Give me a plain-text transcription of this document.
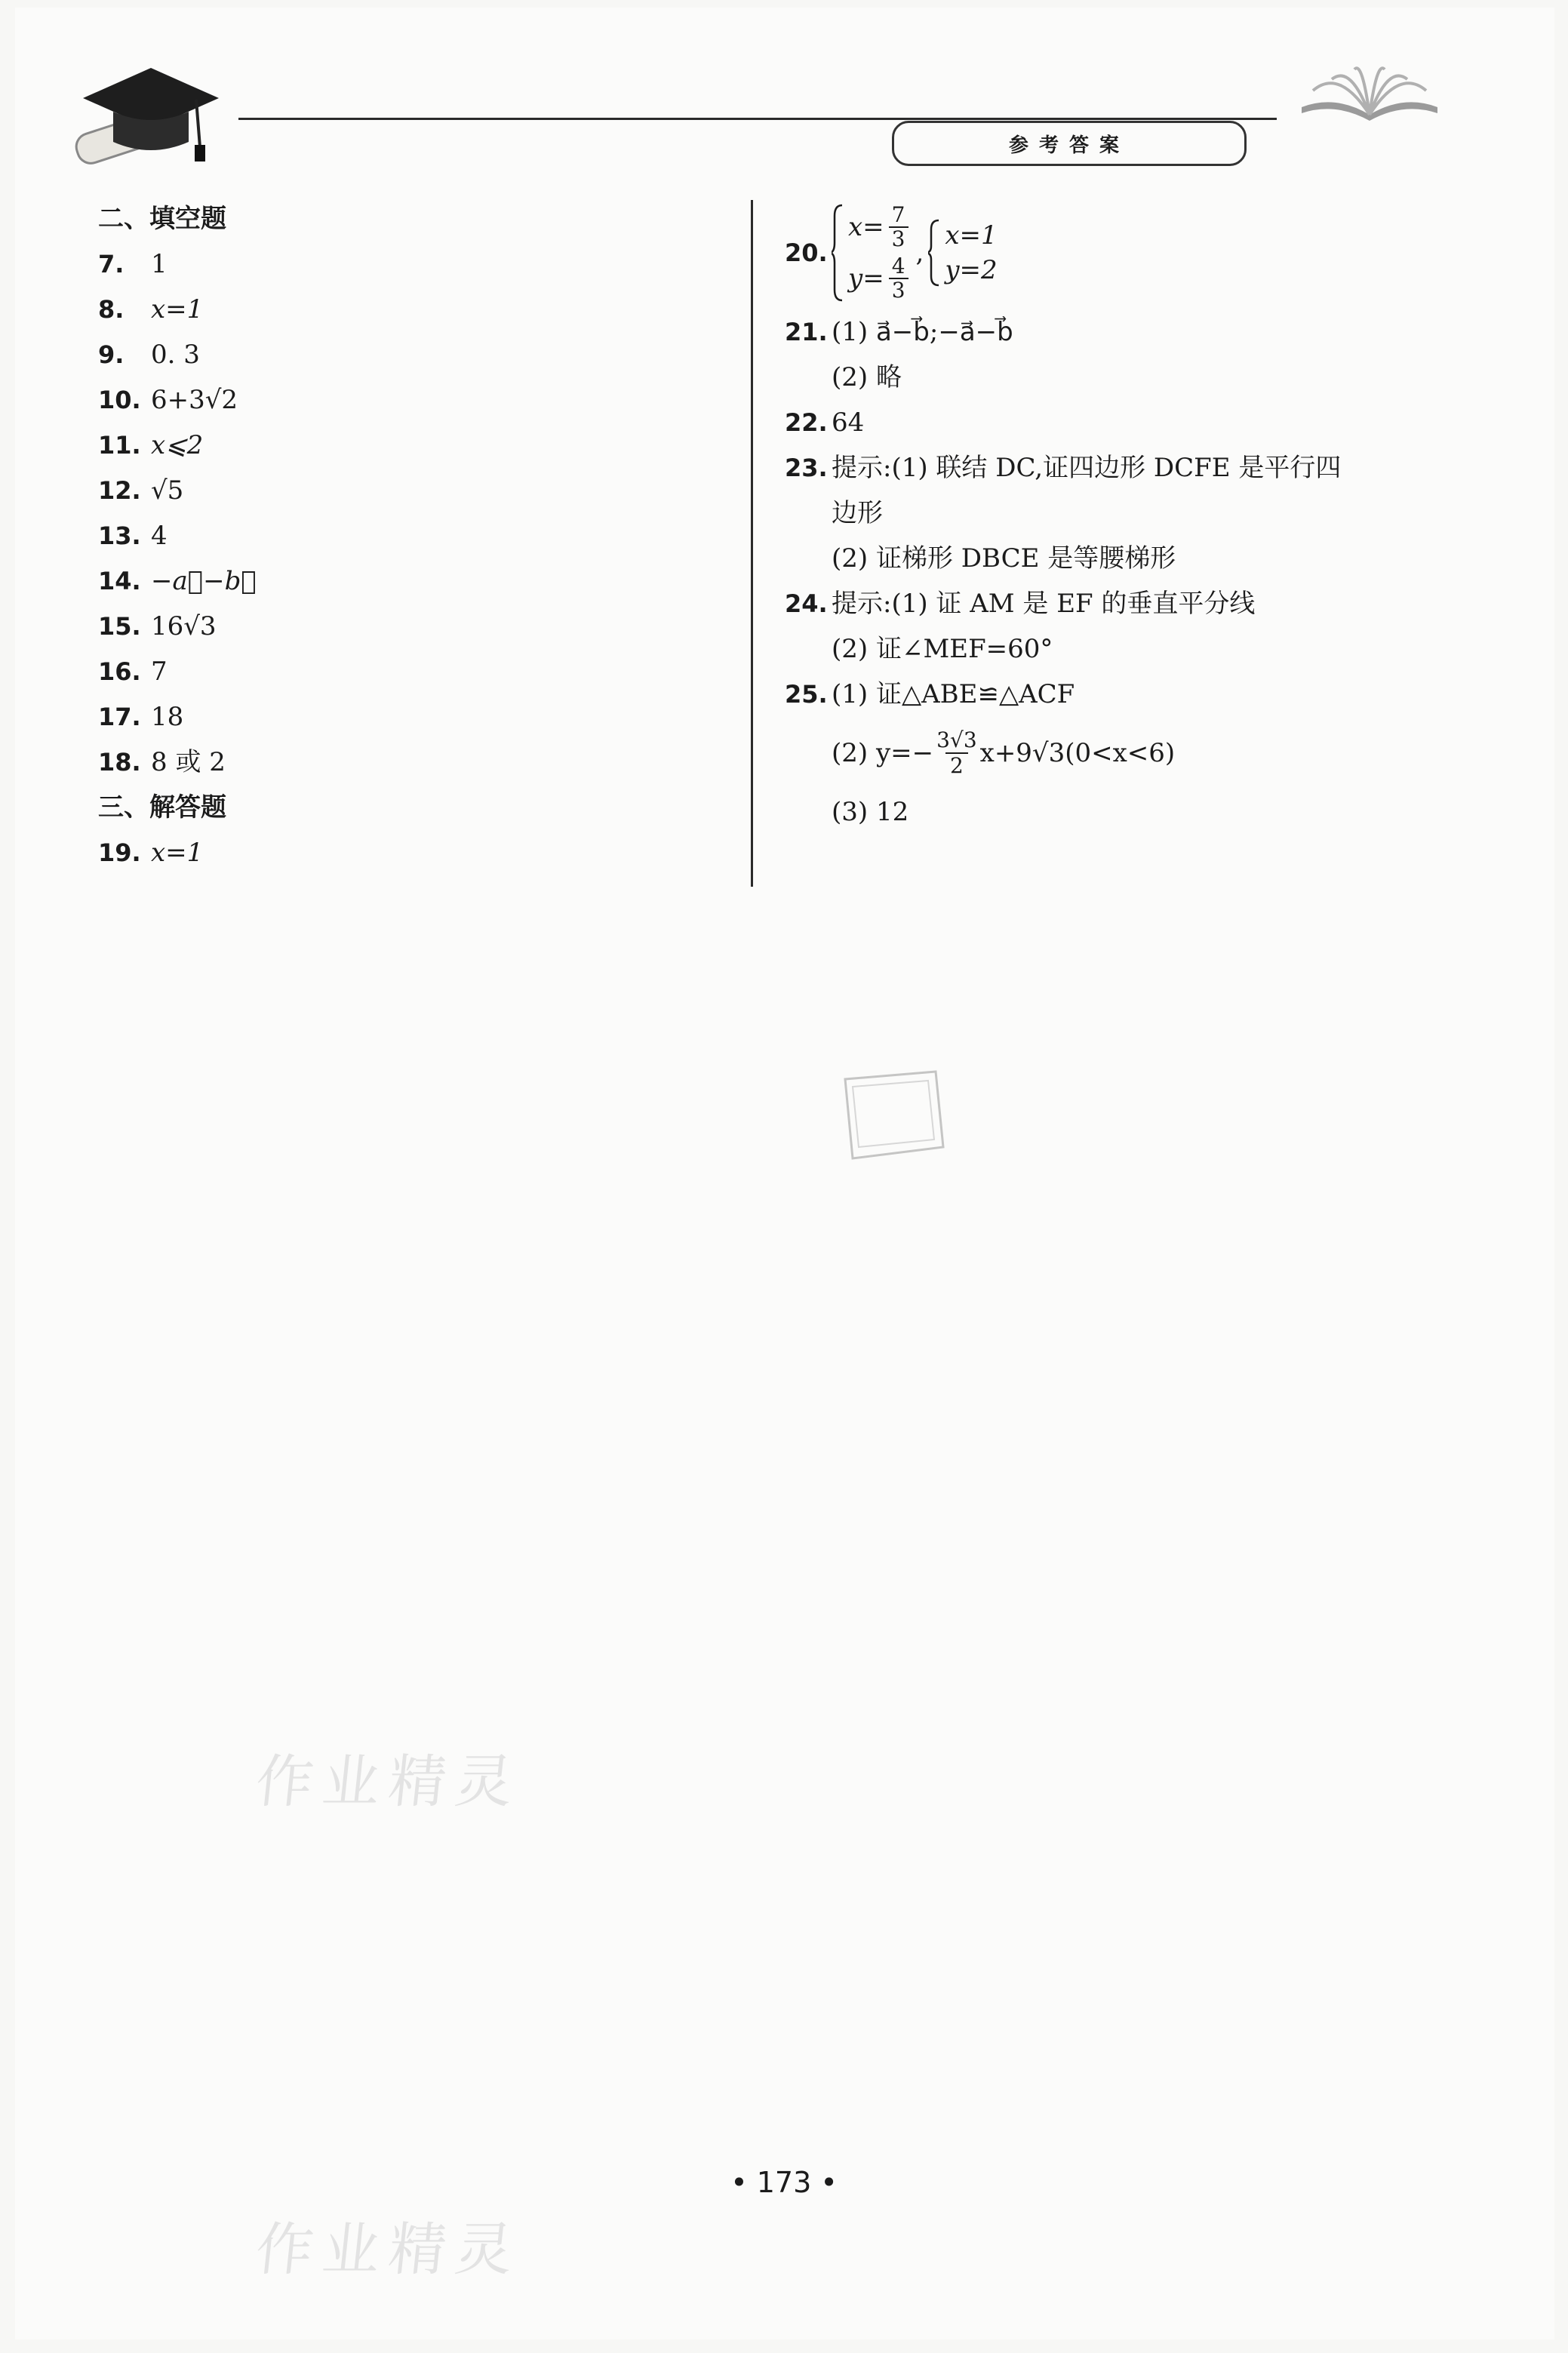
参考答案
二、填空题
7.	1
8.	x=1
9.	0. 3
10. 6+3√2
11. x⩽2
12. √5
13. 4
14. −a⃗−b⃗
15. 16√3
16. 7
17. 18
18. 8 或 2
三、解答题
19. x=1
20.
$x= \frac{7}{3}$
$y= \frac{4}{3}$
,
x=1
y=2
21. (1) a⃗−b⃗;−a⃗−b⃗
(2) 略
22. 64
23. 提示:(1) 联结 DC,证四边形 DCFE 是平行四
边形
(2) 证梯形 DBCE 是等腰梯形
24. 提示:(1) 证 AM 是 EF 的垂直平分线
(2) 证∠MEF=60°
25. (1) 证△ABE≌△ACF
(2) $y=- \frac{3√3}{2} x+9√3(0<x<6)$
(3) 12
作业精灵
作业精灵
• 173 •
